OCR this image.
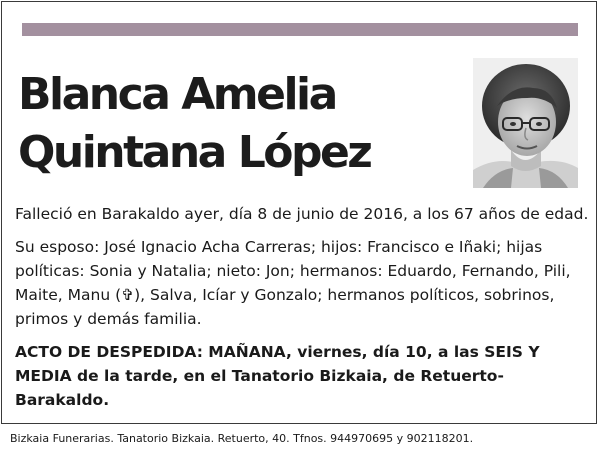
Blanca Amelia
Quintana López

Falleció en Barakaldo ayer, día 8 de junio de 2016, a los 67 años de edad.

Su esposo: José Ignacio Acha Carreras; hijos: Francisco e Iñaki; hijas políticas: Sonia y Natalia; nieto: Jon; hermanos: Eduardo, Fernando, Pili, Maite, Manu (✞), Salva, Icíar y Gonzalo; hermanos políticos, sobrinos, primos y demás familia.

ACTO DE DESPEDIDA: MAÑANA, viernes, día 10, a las SEIS Y MEDIA de la tarde, en el Tanatorio Bizkaia, de Retuerto-Barakaldo.

Bizkaia Funerarias. Tanatorio Bizkaia. Retuerto, 40. Tfnos. 944970695 y 902118201.
